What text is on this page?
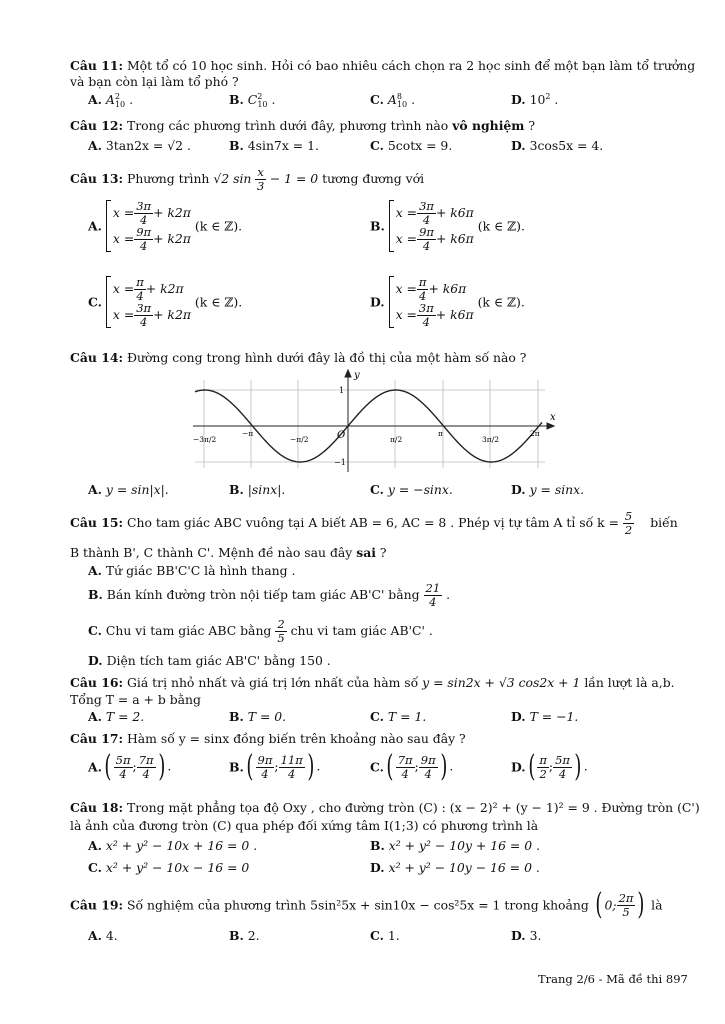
Câu 11: Một tổ có 10 học sinh. Hỏi có bao nhiêu cách chọn ra 2 học sinh để một bạn làm tổ trưởng
và bạn còn lại làm tổ phó ?
A. $A^2_{10}$ .	B. $C^2_{10}$ .	C. $A^8_{10}$ .	D. $10^2$ .
Câu 12: Trong các phương trình dưới đây, phương trình nào vô nghiệm ?
A. 3tan2x = √2 .	B. 4sin7x = 1.	C. 5cotx = 9.	D. 3cos5x = 4.
Câu 13: Phương trình √2 $\sin \frac{x}{3} - 1 = 0$ tương đương với
A.
$x = \frac{3\pi}{4} + k2\pi$
$x = \frac{9\pi}{4} + k2\pi$
(k ∈ ℤ).	B.
$x = \frac{3\pi}{4} + k6\pi$
$x = \frac{9\pi}{4} + k6\pi$
(k ∈ ℤ).
C.
$x = \frac{\pi}{4} + k2\pi$
$x = \frac{3\pi}{4} + k2\pi$
(k ∈ ℤ).	D.
$x = \frac{\pi}{4} + k6\pi$
$x = \frac{3\pi}{4} + k6\pi$
(k ∈ ℤ).
Câu 14: Đường cong trong hình dưới đây là đồ thị của một hàm số nào ?
y
x
O
1
−1
−3π/2
−π
−π/2	π/2
π
3π/2
2π
A. y = sin|x|.	B. |sinx|.	C. y = −sinx.	D. y = sinx.
Câu 15: Cho tam giác ABC vuông tại A biết AB = 6, AC = 8 . Phép vị tự tâm A tỉ số $k = \frac{5}{2}$ biến
B thành B', C thành C'. Mệnh đề nào sau đây sai ?
A. Tứ giác BB'C'C là hình thang .
B. Bán kính đường tròn nội tiếp tam giác AB'C' bằng $\frac{21}{4}$ .
C. Chu vi tam giác ABC bằng $\frac{2}{5}$ chu vi tam giác AB'C' .
D. Diện tích tam giác AB'C' bằng 150 .
Câu 16: Giá trị nhỏ nhất và giá trị lớn nhất của hàm số y = sin2x + √3 cos2x + 1 lần lượt là a,b.
Tổng T = a + b bằng
A. T = 2.	B. T = 0.	C. T = 1.	D. T = −1.
Câu 17: Hàm số y = sinx đồng biến trên khoảng nào sau đây ?
$A.( \frac{5\pi}{4}$ ; $\frac{7\pi}{4}$ ) .	$B.( \frac{9\pi}{4}$ ; $\frac{11\pi}{4}$ ) .	$C.( \frac{7\pi}{4}$ ; $\frac{9\pi}{4}$ ) .	$D.( \frac{\pi}{2}$ ; $\frac{5\pi}{4}$ ) .
Câu 18: Trong mặt phẳng tọa độ Oxy , cho đường tròn (C) : (x − 2)² + (y − 1)² = 9 . Đường tròn (C')
là ảnh của đương tròn (C) qua phép đối xứng tâm I(1;3) có phương trình là
A. x² + y² − 10x + 16 = 0 .	B. x² + y² − 10y + 16 = 0 .
C. x² + y² − 10x − 16 = 0	D. x² + y² − 10y − 16 = 0 .
Câu 19: Số nghiệm của phương trình 5sin²5x + sin10x − cos²5x = 1 trong khoảng ( 0; $\frac{2\pi}{5}$ ) là
A. 4.	B. 2.	C. 1.	D. 3.
Trang 2/6 - Mã đề thi 897
